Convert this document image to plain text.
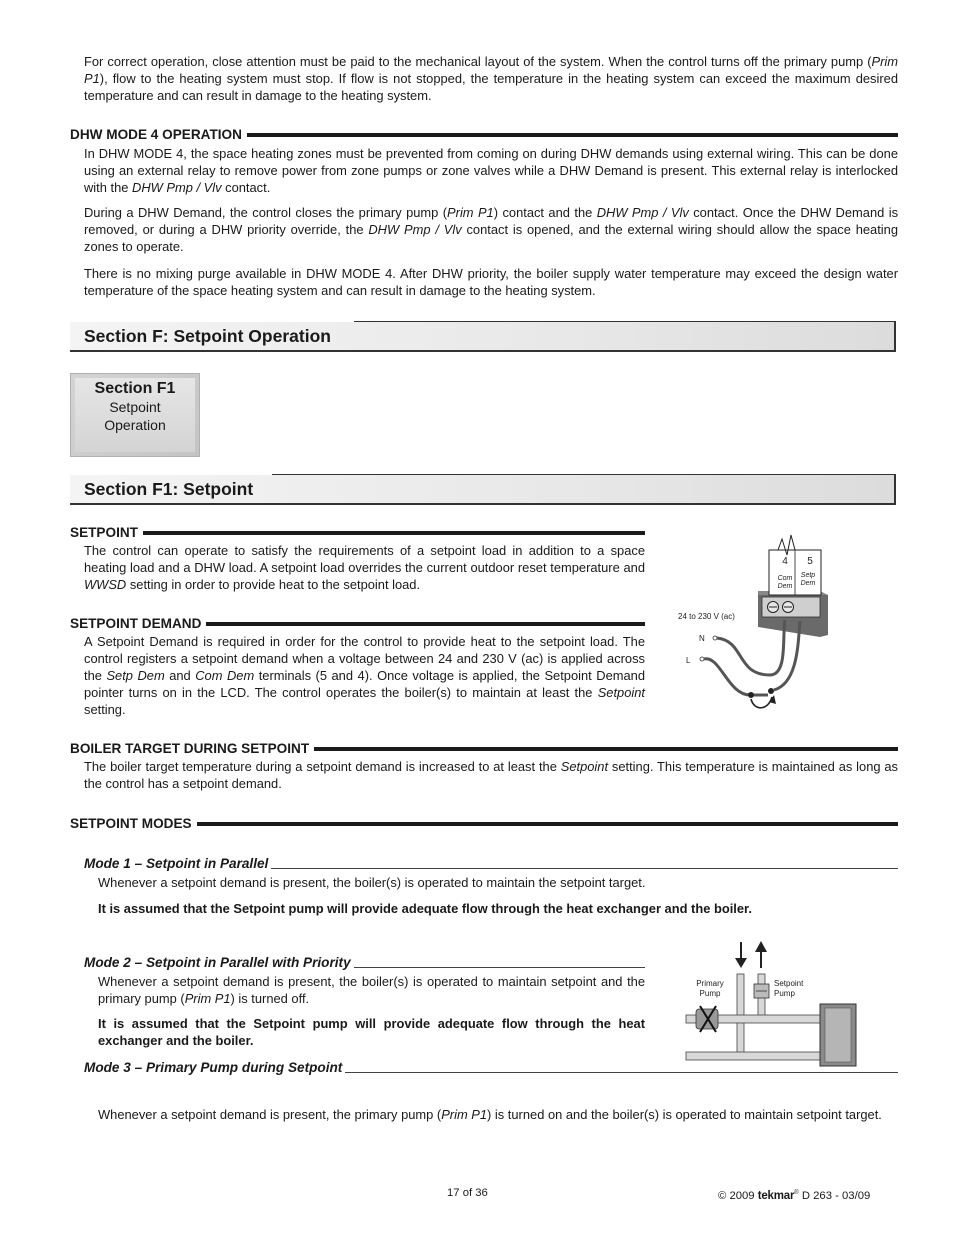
For correct operation, close attention must be paid to the mechanical layout of the system. When the control turns off the primary pump (Prim P1), flow to the heating system must stop. If flow is not stopped, the temperature in the heating system can exceed the maximum desired temperature and can result in damage to the heating system.

DHW MODE 4 OPERATION

In DHW MODE 4, the space heating zones must be prevented from coming on during DHW demands using external wiring. This can be done using an external relay to remove power from zone pumps or zone valves while a DHW Demand is present. This external relay is interlocked with the DHW Pmp / Vlv contact.

During a DHW Demand, the control closes the primary pump (Prim P1) contact and the DHW Pmp / Vlv contact. Once the DHW Demand is removed, or during a DHW priority override, the DHW Pmp / Vlv contact is opened, and the external wiring should allow the space heating zones to operate.

There is no mixing purge available in DHW MODE 4. After DHW priority, the boiler supply water temperature may exceed the design water temperature of the space heating system and can result in damage to the heating system.

Section F: Setpoint Operation
Section F1
Setpoint
Operation
Section F1: Setpoint
SETPOINT

The control can operate to satisfy the requirements of a setpoint load in addition to a space heating load and a DHW load. A setpoint load overrides the current outdoor reset temperature and WWSD setting in order to provide heat to the setpoint load.

SETPOINT DEMAND

A Setpoint Demand is required in order for the control to provide heat to the setpoint load. The control registers a setpoint demand when a voltage between 24 and 230 V (ac) is applied across the Setp Dem and Com Dem terminals (5 and 4). Once voltage is applied, the Setpoint Demand pointer turns on in the LCD. The control operates the boiler(s) to maintain at least the Setpoint setting.

4 5
Com
Dem
Setp
Dem
24 to 230 V (ac)
N
L
BOILER TARGET DURING SETPOINT

The boiler target temperature during a setpoint demand is increased to at least the Setpoint setting. This temperature is maintained as long as the control has a setpoint demand.

SETPOINT MODES
Mode 1 – Setpoint in Parallel

Whenever a setpoint demand is present, the boiler(s) is operated to maintain the setpoint target.

It is assumed that the Setpoint pump will provide adequate flow through the heat exchanger and the boiler.

Mode 2 – Setpoint in Parallel with Priority

Whenever a setpoint demand is present, the boiler(s) is operated to maintain setpoint and the primary pump (Prim P1) is turned off.

It is assumed that the Setpoint pump will provide adequate flow through the heat exchanger and the boiler.

Primary
Pump
Setpoint
Pump
Mode 3 – Primary Pump during Setpoint

Whenever a setpoint demand is present, the primary pump (Prim P1) is turned on and the boiler(s) is operated to maintain setpoint target.

17 of 36	© 2009 tekmar® D 263 - 03/09
